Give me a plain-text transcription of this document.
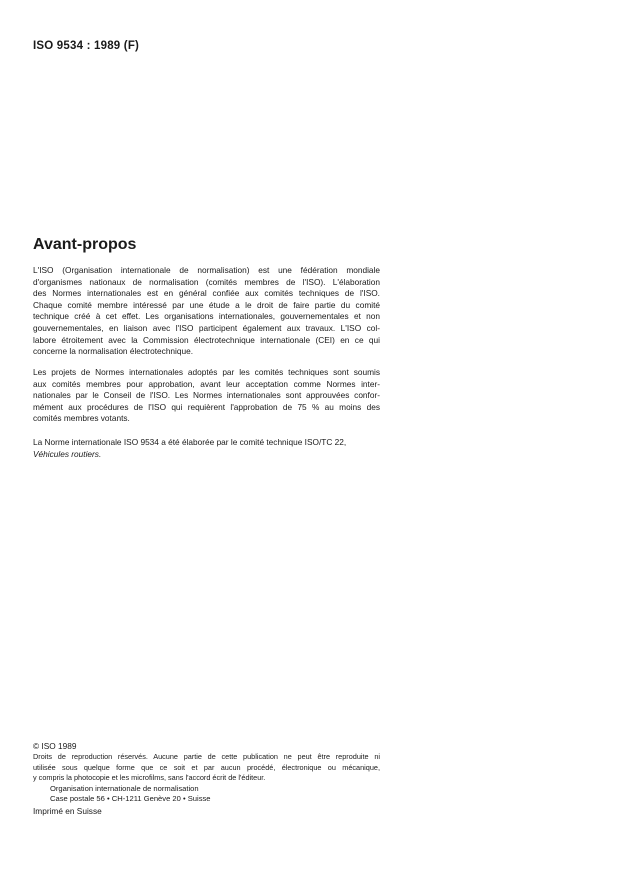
ISO 9534 : 1989 (F)
Avant-propos

L'ISO (Organisation internationale de normalisation) est une fédération mondiale
d'organismes nationaux de normalisation (comités membres de l'ISO). L'élaboration
des Normes internationales est en général confiée aux comités techniques de l'ISO.
Chaque comité membre intéressé par une étude a le droit de faire partie du comité
technique créé à cet effet. Les organisations internationales, gouvernementales et non
gouvernementales, en liaison avec l'ISO participent également aux travaux. L'ISO col-
labore étroitement avec la Commission électrotechnique internationale (CEI) en ce qui
concerne la normalisation électrotechnique.

Les projets de Normes internationales adoptés par les comités techniques sont soumis
aux comités membres pour approbation, avant leur acceptation comme Normes inter-
nationales par le Conseil de l'ISO. Les Normes internationales sont approuvées confor-
mément aux procédures de l'ISO qui requièrent l'approbation de 75 % au moins des
comités membres votants.

La Norme internationale ISO 9534 a été élaborée par le comité technique ISO/TC 22,
Véhicules routiers.

© ISO 1989
Droits de reproduction réservés. Aucune partie de cette publication ne peut être reproduite ni
utilisée sous quelque forme que ce soit et par aucun procédé, électronique ou mécanique,
y compris la photocopie et les microfilms, sans l'accord écrit de l'éditeur.
Organisation internationale de normalisation
Case postale 56 • CH-1211 Genève 20 • Suisse
Imprimé en Suisse
